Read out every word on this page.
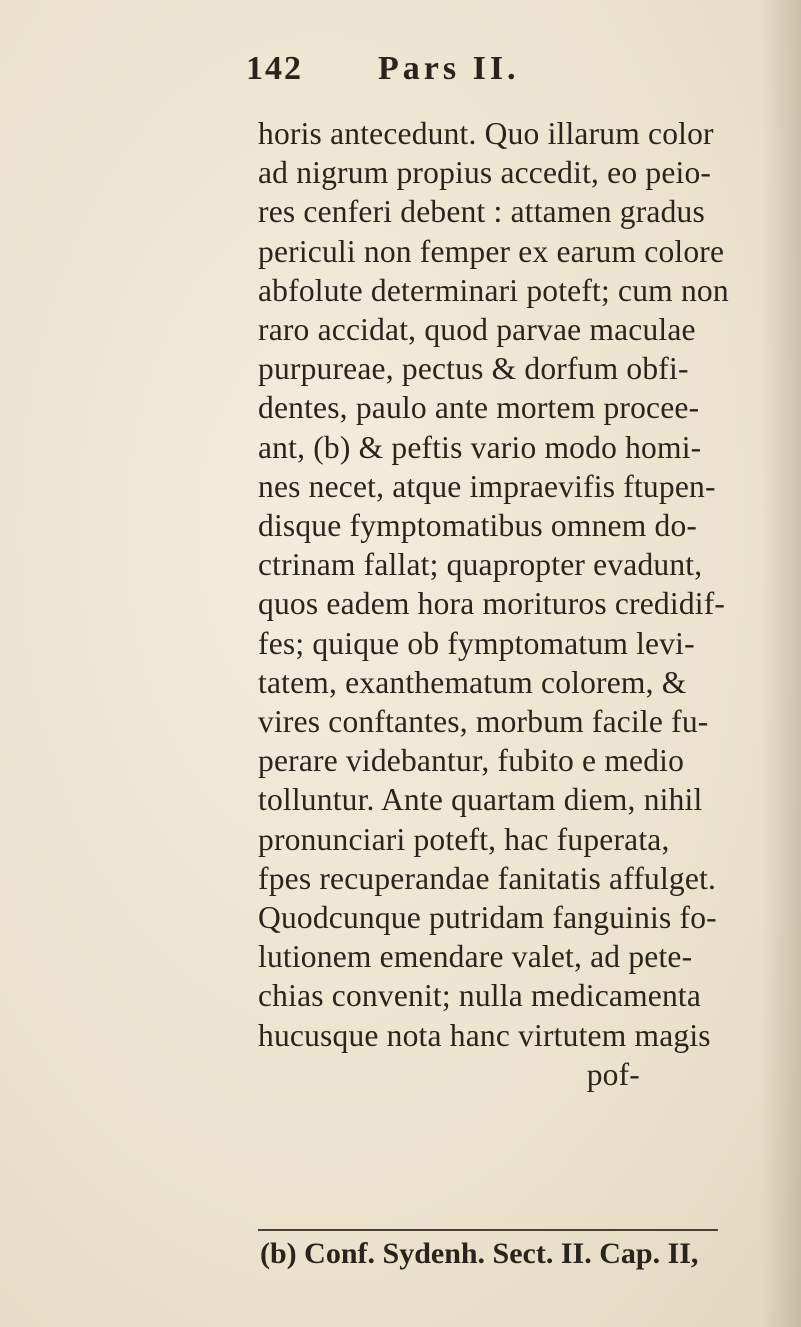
142 Pars II.

horis antecedunt. Quo illarum color
ad nigrum propius accedit, eo peio-
res cenferi debent : attamen gradus
periculi non femper ex earum colore
abfolute determinari poteft; cum non
raro accidat, quod parvae maculae
purpureae, pectus & dorfum obfi-
dentes, paulo ante mortem procee-
ant, (b) & peftis vario modo homi-
nes necet, atque impraevifis ftupen-
disque fymptomatibus omnem do-
ctrinam fallat; quapropter evadunt,
quos eadem hora morituros credidif-
fes; quique ob fymptomatum levi-
tatem, exanthematum colorem, &
vires conftantes, morbum facile fu-
perare videbantur, fubito e medio
tolluntur. Ante quartam diem, nihil
pronunciari poteft, hac fuperata,
fpes recuperandae fanitatis affulget.
Quodcunque putridam fanguinis fo-
lutionem emendare valet, ad pete-
chias convenit; nulla medicamenta
hucusque nota hanc virtutem magis
pof-

(b) Conf. Sydenh. Sect. II. Cap. II,
